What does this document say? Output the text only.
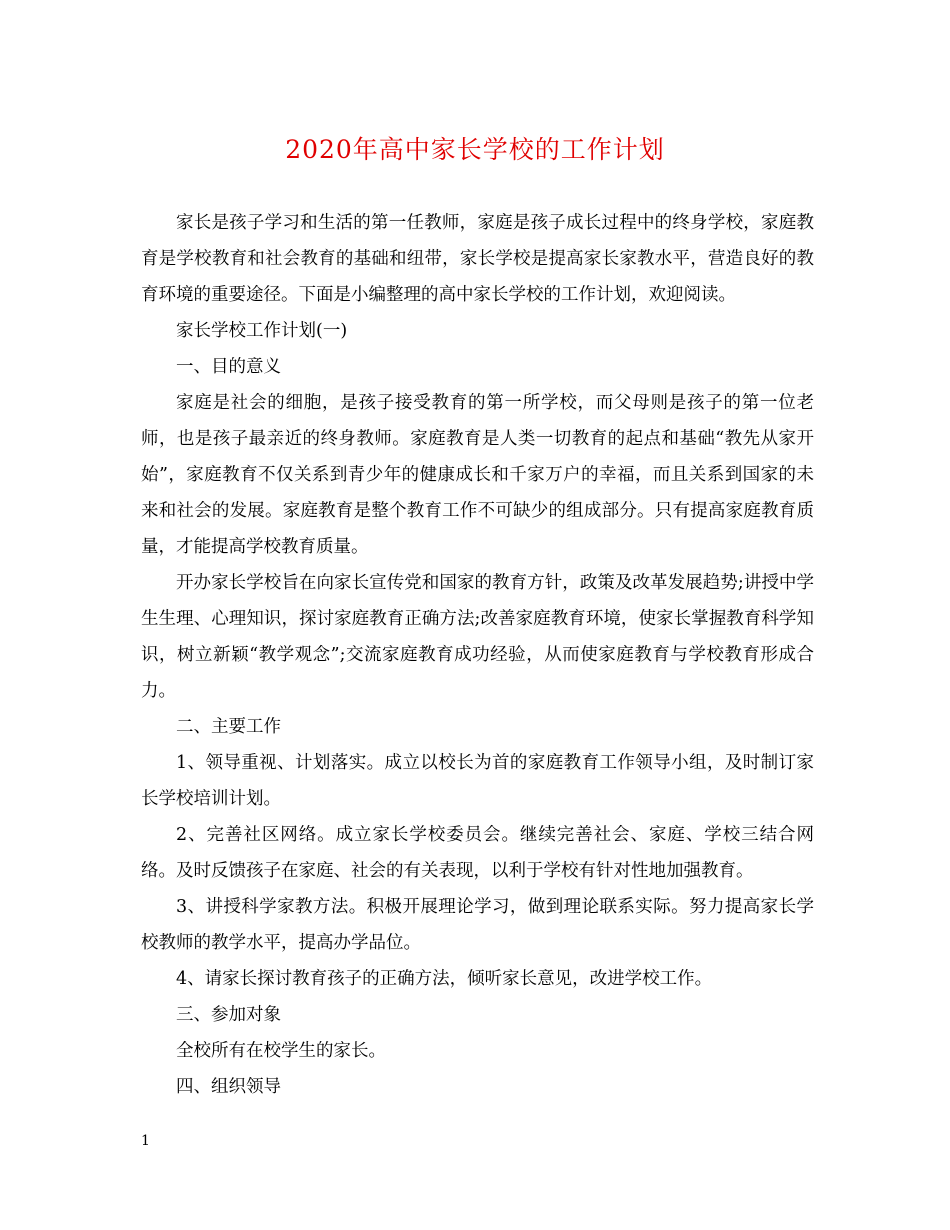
2020年高中家长学校的工作计划

家长是孩子学习和生活的第一任教师，家庭是孩子成长过程中的终身学校，家庭教育是学校教育和社会教育的基础和纽带，家长学校是提高家长家教水平，营造良好的教育环境的重要途径。下面是小编整理的高中家长学校的工作计划，欢迎阅读。

家长学校工作计划(一)

一、目的意义

家庭是社会的细胞，是孩子接受教育的第一所学校，而父母则是孩子的第一位老师，也是孩子最亲近的终身教师。家庭教育是人类一切教育的起点和基础“教先从家开始”，家庭教育不仅关系到青少年的健康成长和千家万户的幸福，而且关系到国家的未来和社会的发展。家庭教育是整个教育工作不可缺少的组成部分。只有提高家庭教育质量，才能提高学校教育质量。

开办家长学校旨在向家长宣传党和国家的教育方针，政策及改革发展趋势;讲授中学生生理、心理知识，探讨家庭教育正确方法;改善家庭教育环境，使家长掌握教育科学知识，树立新颖“教学观念”;交流家庭教育成功经验，从而使家庭教育与学校教育形成合力。

二、主要工作

1、领导重视、计划落实。成立以校长为首的家庭教育工作领导小组，及时制订家长学校培训计划。

2、完善社区网络。成立家长学校委员会。继续完善社会、家庭、学校三结合网络。及时反馈孩子在家庭、社会的有关表现，以利于学校有针对性地加强教育。

3、讲授科学家教方法。积极开展理论学习，做到理论联系实际。努力提高家长学校教师的教学水平，提高办学品位。

4、请家长探讨教育孩子的正确方法，倾听家长意见，改进学校工作。

三、参加对象

全校所有在校学生的家长。

四、组织领导

1
